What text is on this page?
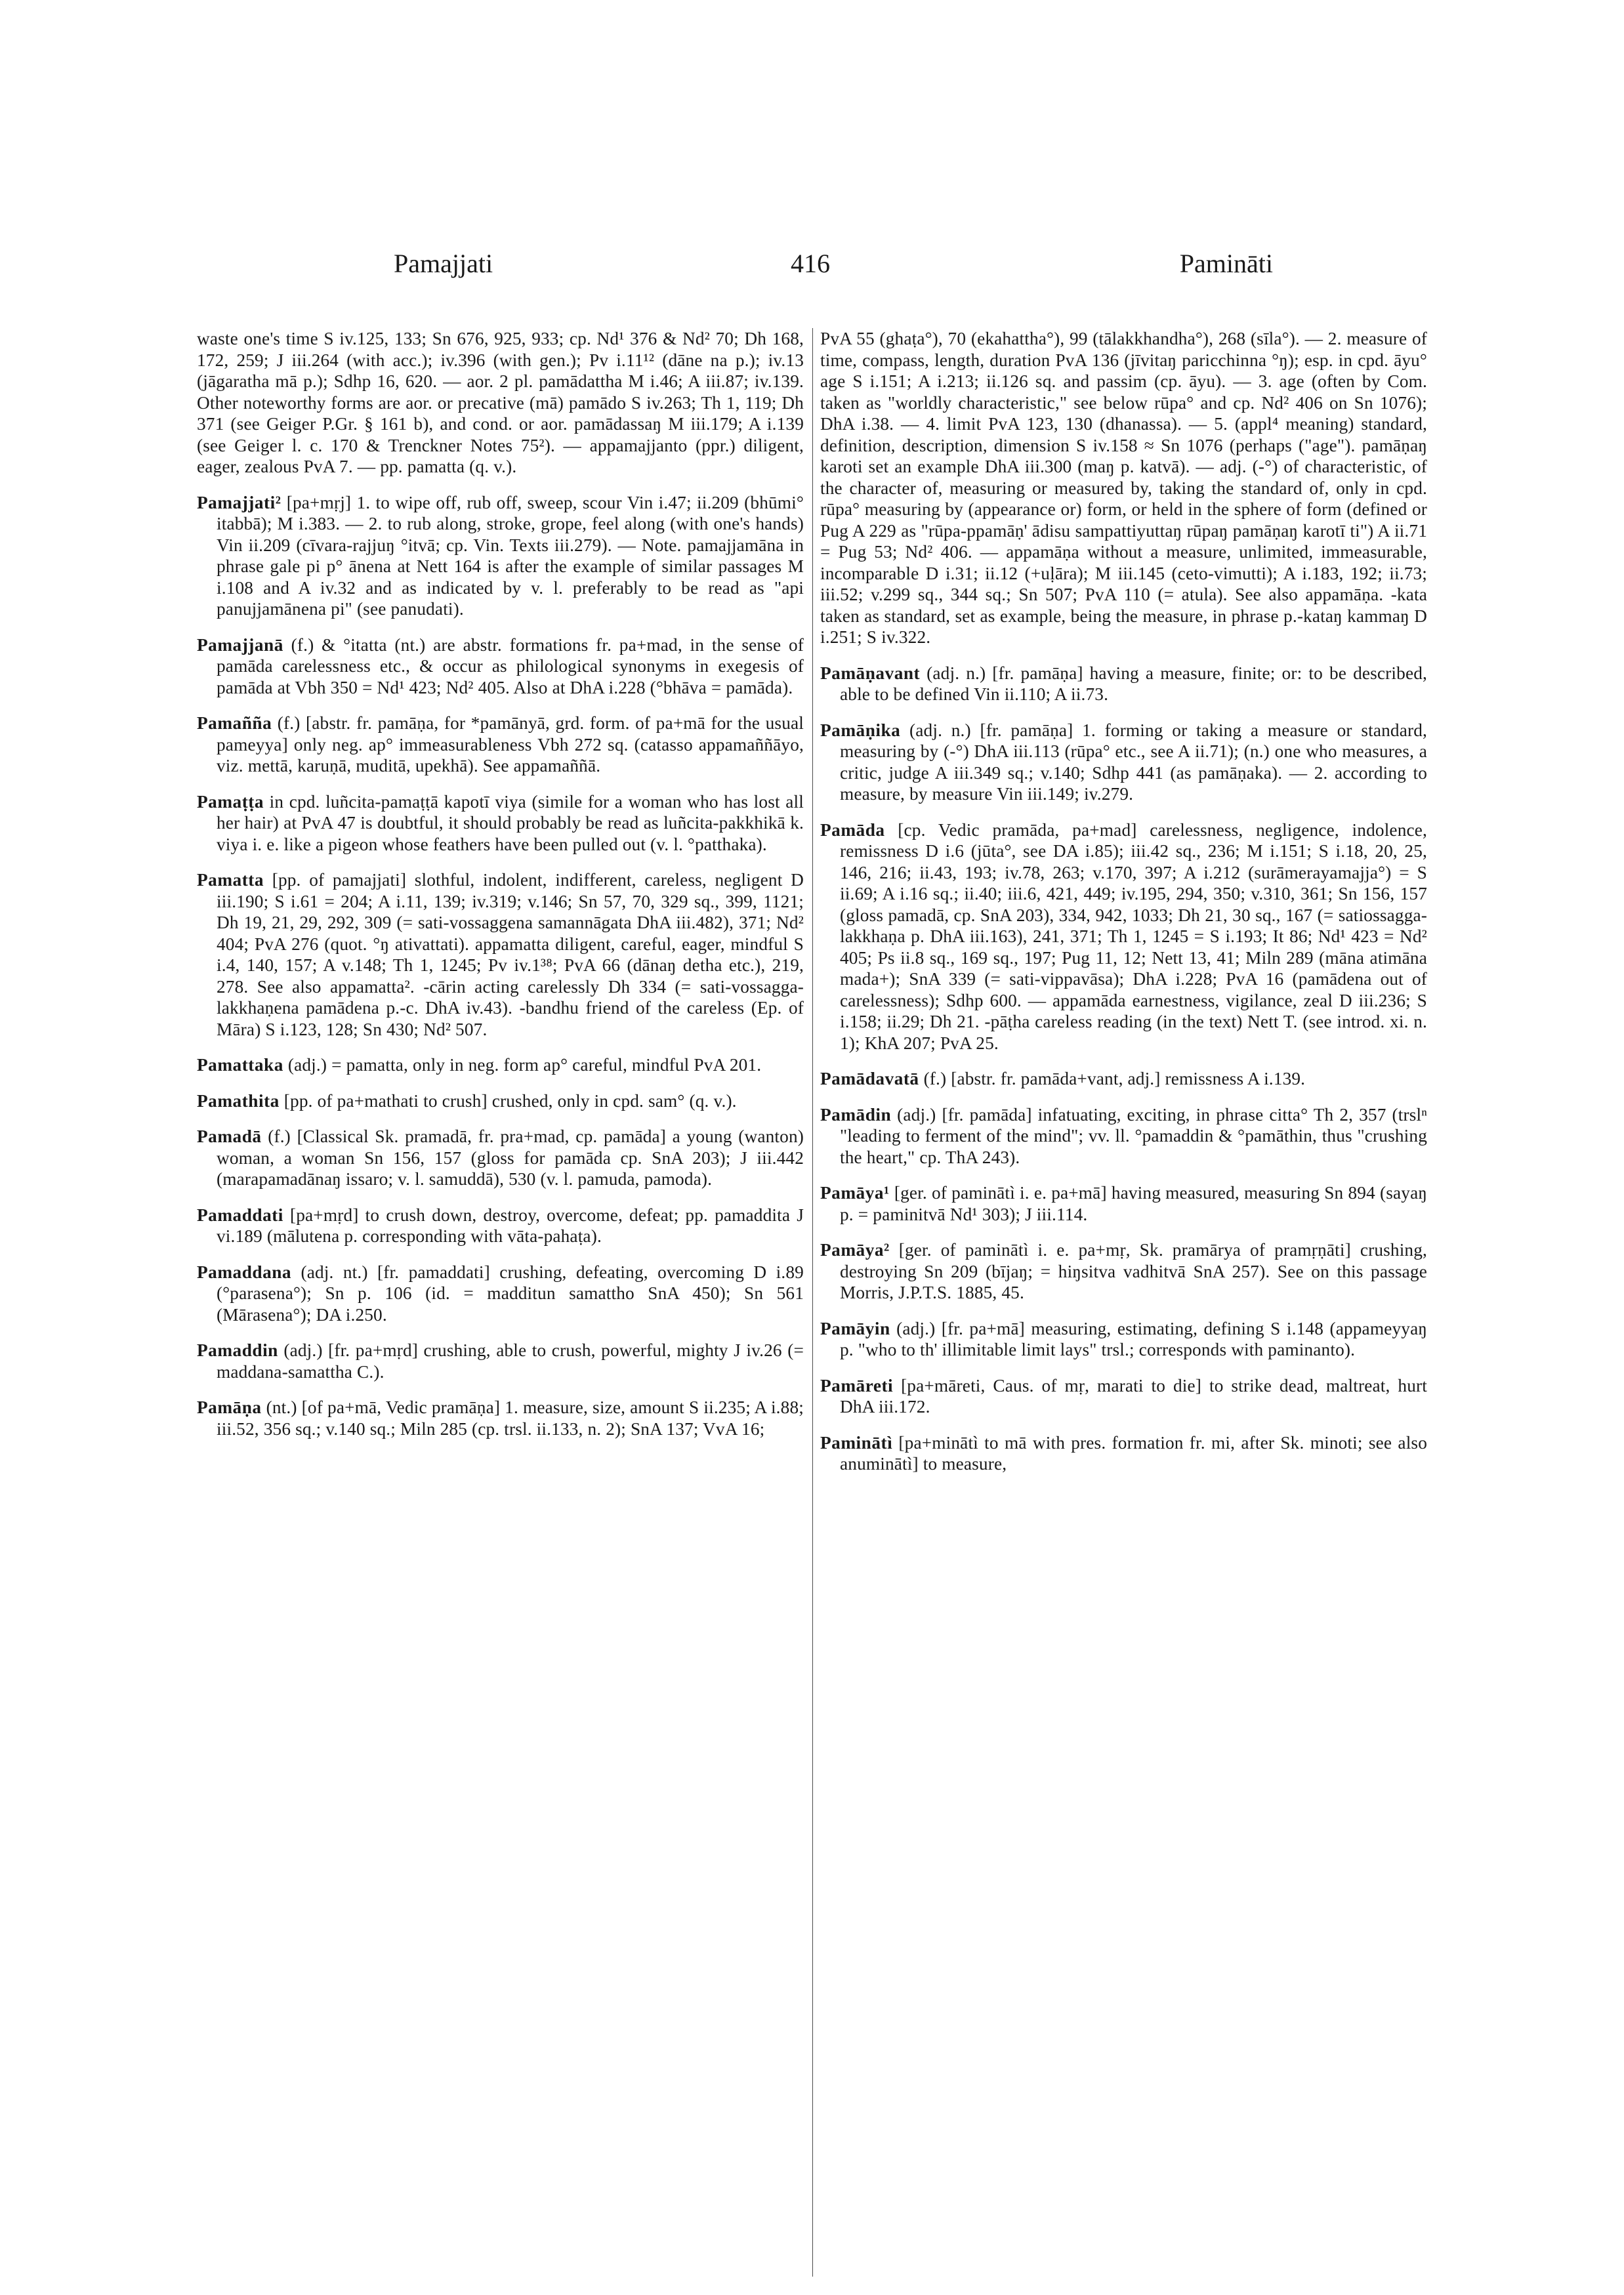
Pamajjati	416	Pamināti

waste one's time S iv.125, 133; Sn 676, 925, 933; cp. Nd¹ 376 & Nd² 70; Dh 168, 172, 259; J iii.264 (with acc.); iv.396 (with gen.); Pv i.11¹² (dāne na p.); iv.13 (jāgaratha mā p.); Sdhp 16, 620. — aor. 2 pl. pamādattha M i.46; A iii.87; iv.139. Other noteworthy forms are aor. or precative (mā) pamādo S iv.263; Th 1, 119; Dh 371 (see Geiger P.Gr. § 161 b), and cond. or aor. pamādassaŋ M iii.179; A i.139 (see Geiger l. c. 170 & Trenckner Notes 75²). — appamajjanto (ppr.) diligent, eager, zealous PvA 7. — pp. pamatta (q. v.).

Pamajjati² [pa+mṛj] 1. to wipe off, rub off, sweep, scour Vin i.47; ii.209 (bhūmi° itabbā); M i.383. — 2. to rub along, stroke, grope, feel along (with one's hands) Vin ii.209 (cīvara-rajjuŋ °itvā; cp. Vin. Texts iii.279). — Note. pamajjamāna in phrase gale pi p° ānena at Nett 164 is after the example of similar passages M i.108 and A iv.32 and as indicated by v. l. preferably to be read as "api panujjamānena pi" (see panudati).

Pamajjanā (f.) & °itatta (nt.) are abstr. formations fr. pa+mad, in the sense of pamāda carelessness etc., & occur as philological synonyms in exegesis of pamāda at Vbh 350 = Nd¹ 423; Nd² 405. Also at DhA i.228 (°bhāva = pamāda).

Pamañña (f.) [abstr. fr. pamāṇa, for *pamānyā, grd. form. of pa+mā for the usual pameyya] only neg. ap° immeasurableness Vbh 272 sq. (catasso appamaññāyo, viz. mettā, karuṇā, muditā, upekhā). See appamaññā.

Pamaṭṭa in cpd. luñcita-pamaṭṭā kapotī viya (simile for a woman who has lost all her hair) at PvA 47 is doubtful, it should probably be read as luñcita-pakkhikā k. viya i. e. like a pigeon whose feathers have been pulled out (v. l. °patthaka).

Pamatta [pp. of pamajjati] slothful, indolent, indifferent, careless, negligent D iii.190; S i.61 = 204; A i.11, 139; iv.319; v.146; Sn 57, 70, 329 sq., 399, 1121; Dh 19, 21, 29, 292, 309 (= sati-vossaggena samannāgata DhA iii.482), 371; Nd² 404; PvA 276 (quot. °ŋ ativattati). appamatta diligent, careful, eager, mindful S i.4, 140, 157; A v.148; Th 1, 1245; Pv iv.1³⁸; PvA 66 (dānaŋ detha etc.), 219, 278. See also appamatta². -cārin acting carelessly Dh 334 (= sati-vossagga-lakkhaṇena pamādena p.-c. DhA iv.43). -bandhu friend of the careless (Ep. of Māra) S i.123, 128; Sn 430; Nd² 507.

Pamattaka (adj.) = pamatta, only in neg. form ap° careful, mindful PvA 201.

Pamathita [pp. of pa+mathati to crush] crushed, only in cpd. sam° (q. v.).

Pamadā (f.) [Classical Sk. pramadā, fr. pra+mad, cp. pamāda] a young (wanton) woman, a woman Sn 156, 157 (gloss for pamāda cp. SnA 203); J iii.442 (marapamadānaŋ issaro; v. l. samuddā), 530 (v. l. pamuda, pamoda).

Pamaddati [pa+mṛd] to crush down, destroy, overcome, defeat; pp. pamaddita J vi.189 (mālutena p. corresponding with vāta-pahaṭa).

Pamaddana (adj. nt.) [fr. pamaddati] crushing, defeating, overcoming D i.89 (°parasena°); Sn p. 106 (id. = madditun samattho SnA 450); Sn 561 (Mārasena°); DA i.250.

Pamaddin (adj.) [fr. pa+mṛd] crushing, able to crush, powerful, mighty J iv.26 (= maddana-samattha C.).

Pamāṇa (nt.) [of pa+mā, Vedic pramāṇa] 1. measure, size, amount S ii.235; A i.88; iii.52, 356 sq.; v.140 sq.; Miln 285 (cp. trsl. ii.133, n. 2); SnA 137; VvA 16;

PvA 55 (ghaṭa°), 70 (ekahattha°), 99 (tālakkhandha°), 268 (sīla°). — 2. measure of time, compass, length, duration PvA 136 (jīvitaŋ paricchinna °ŋ); esp. in cpd. āyu° age S i.151; A i.213; ii.126 sq. and passim (cp. āyu). — 3. age (often by Com. taken as "worldly characteristic," see below rūpa° and cp. Nd² 406 on Sn 1076); DhA i.38. — 4. limit PvA 123, 130 (dhanassa). — 5. (appl⁴ meaning) standard, definition, description, dimension S iv.158 ≈ Sn 1076 (perhaps ("age"). pamāṇaŋ karoti set an example DhA iii.300 (maŋ p. katvā). — adj. (-°) of characteristic, of the character of, measuring or measured by, taking the standard of, only in cpd. rūpa° measuring by (appearance or) form, or held in the sphere of form (defined or Pug A 229 as "rūpa-ppamāṇ' ādisu sampattiyuttaŋ rūpaŋ pamāṇaŋ karotī ti") A ii.71 = Pug 53; Nd² 406. — appamāṇa without a measure, unlimited, immeasurable, incomparable D i.31; ii.12 (+uḷāra); M iii.145 (ceto-vimutti); A i.183, 192; ii.73; iii.52; v.299 sq., 344 sq.; Sn 507; PvA 110 (= atula). See also appamāṇa. -kata taken as standard, set as example, being the measure, in phrase p.-kataŋ kammaŋ D i.251; S iv.322.

Pamāṇavant (adj. n.) [fr. pamāṇa] having a measure, finite; or: to be described, able to be defined Vin ii.110; A ii.73.

Pamāṇika (adj. n.) [fr. pamāṇa] 1. forming or taking a measure or standard, measuring by (-°) DhA iii.113 (rūpa° etc., see A ii.71); (n.) one who measures, a critic, judge A iii.349 sq.; v.140; Sdhp 441 (as pamāṇaka). — 2. according to measure, by measure Vin iii.149; iv.279.

Pamāda [cp. Vedic pramāda, pa+mad] carelessness, negligence, indolence, remissness D i.6 (jūta°, see DA i.85); iii.42 sq., 236; M i.151; S i.18, 20, 25, 146, 216; ii.43, 193; iv.78, 263; v.170, 397; A i.212 (surāmerayamajja°) = S ii.69; A i.16 sq.; ii.40; iii.6, 421, 449; iv.195, 294, 350; v.310, 361; Sn 156, 157 (gloss pamadā, cp. SnA 203), 334, 942, 1033; Dh 21, 30 sq., 167 (= satiossagga-lakkhaṇa p. DhA iii.163), 241, 371; Th 1, 1245 = S i.193; It 86; Nd¹ 423 = Nd² 405; Ps ii.8 sq., 169 sq., 197; Pug 11, 12; Nett 13, 41; Miln 289 (māna atimāna mada+); SnA 339 (= sati-vippavāsa); DhA i.228; PvA 16 (pamādena out of carelessness); Sdhp 600. — appamāda earnestness, vigilance, zeal D iii.236; S i.158; ii.29; Dh 21. -pāṭha careless reading (in the text) Nett T. (see introd. xi. n. 1); KhA 207; PvA 25.

Pamādavatā (f.) [abstr. fr. pamāda+vant, adj.] remissness A i.139.

Pamādin (adj.) [fr. pamāda] infatuating, exciting, in phrase citta° Th 2, 357 (trslⁿ "leading to ferment of the mind"; vv. ll. °pamaddin & °pamāthin, thus "crushing the heart," cp. ThA 243).

Pamāya¹ [ger. of paminātì i. e. pa+mā] having measured, measuring Sn 894 (sayaŋ p. = paminitvā Nd¹ 303); J iii.114.

Pamāya² [ger. of paminātì i. e. pa+mṛ, Sk. pramārya of pramṛṇāti] crushing, destroying Sn 209 (bījaŋ; = hiŋsitva vadhitvā SnA 257). See on this passage Morris, J.P.T.S. 1885, 45.

Pamāyin (adj.) [fr. pa+mā] measuring, estimating, defining S i.148 (appameyyaŋ p. "who to th' illimitable limit lays" trsl.; corresponds with paminanto).

Pamāreti [pa+māreti, Caus. of mṛ, marati to die] to strike dead, maltreat, hurt DhA iii.172.

Paminātì [pa+minātì to mā with pres. formation fr. mi, after Sk. minoti; see also anuminātì] to measure,
